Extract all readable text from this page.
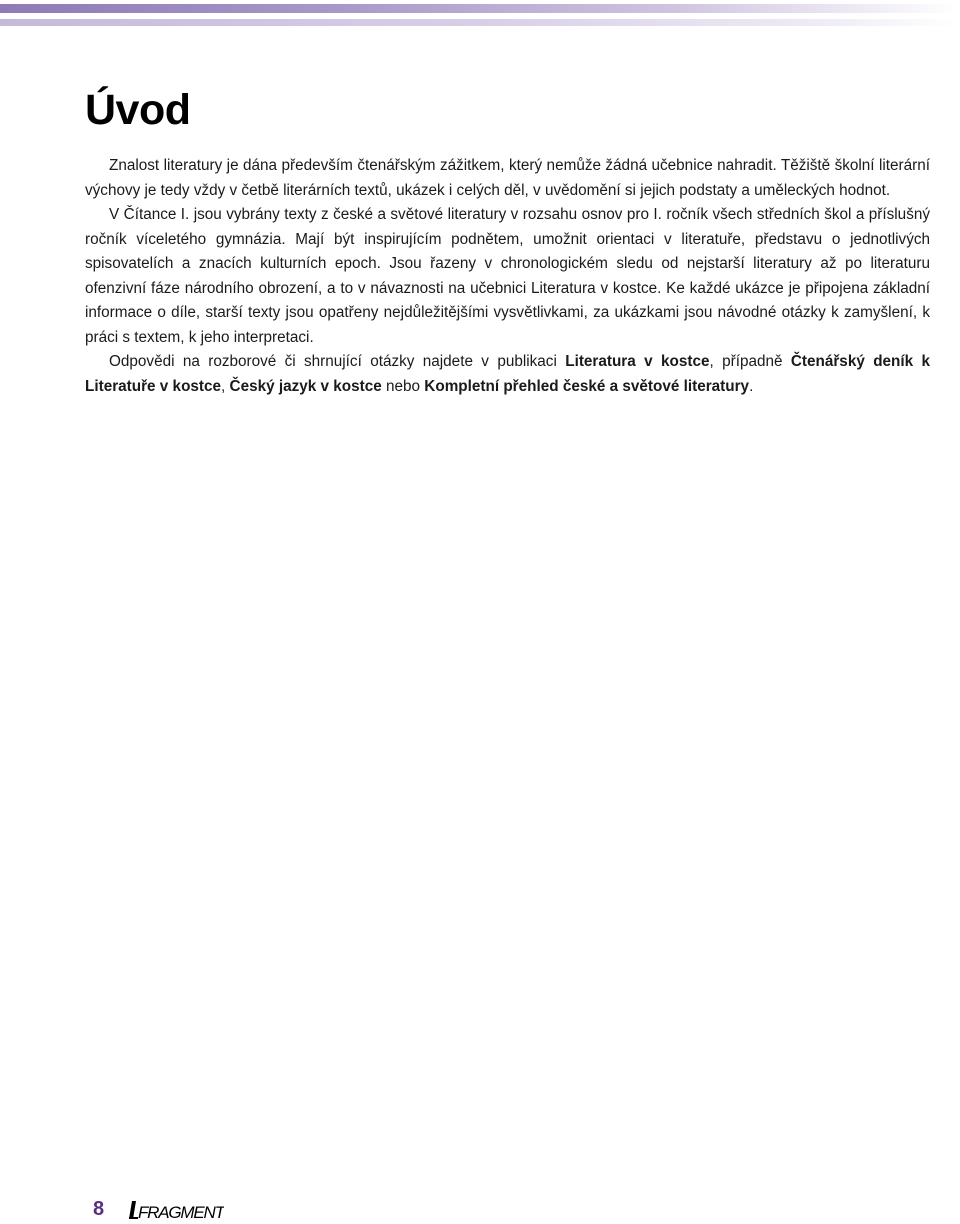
Úvod

Znalost literatury je dána především čtenářským zážitkem, který nemůže žádná učebnice nahradit. Těžiště školní literární výchovy je tedy vždy v četbě literárních textů, ukázek i celých děl, v uvědomění si jejich podstaty a uměleckých hodnot.

V Čítance I. jsou vybrány texty z české a světové literatury v rozsahu osnov pro I. ročník všech středních škol a příslušný ročník víceletého gymnázia. Mají být inspirujícím podnětem, umožnit orientaci v literatuře, představu o jednotlivých spisovatelích a znacích kulturních epoch. Jsou řazeny v chronologickém sledu od nejstarší literatury až po literaturu ofenzivní fáze národního obrození, a to v návaznosti na učebnici Literatura v kostce. Ke každé ukázce je připojena základní informace o díle, starší texty jsou opatřeny nejdůležitějšími vysvětlivkami, za ukázkami jsou návodné otázky k zamyšlení, k práci s textem, k jeho interpretaci.

Odpovědi na rozborové či shrnující otázky najdete v publikaci Literatura v kostce, případně Čtenářský deník k Literatuře v kostce, Český jazyk v kostce nebo Kompletní přehled české a světové literatury.

8 FRAGMENT
